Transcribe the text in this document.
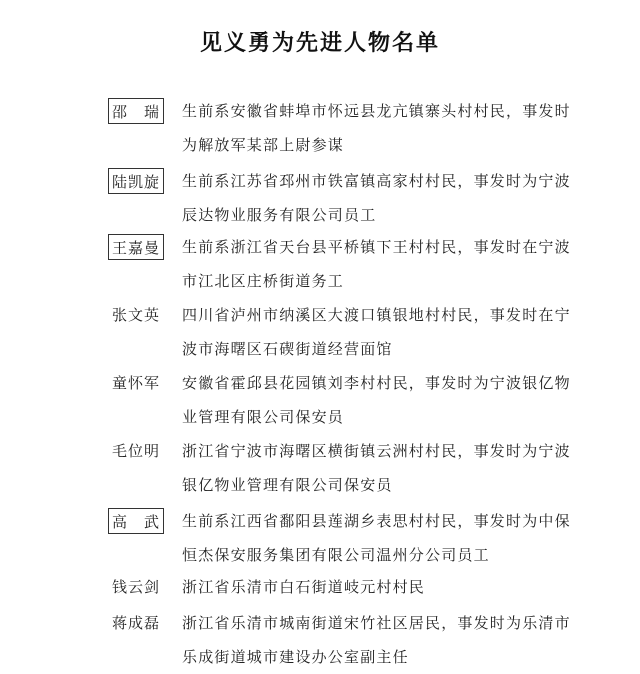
见义勇为先进人物名单
邵　瑞 生前系安徽省蚌埠市怀远县龙亢镇寨头村村民，事发时为解放军某部上尉参谋
陆凯旋 生前系江苏省邳州市铁富镇高家村村民，事发时为宁波辰达物业服务有限公司员工
王嘉曼 生前系浙江省天台县平桥镇下王村村民，事发时在宁波市江北区庄桥街道务工
张文英 四川省泸州市纳溪区大渡口镇银地村村民，事发时在宁波市海曙区石碶街道经营面馆
童怀军 安徽省霍邱县花园镇刘李村村民，事发时为宁波银亿物业管理有限公司保安员
毛位明 浙江省宁波市海曙区横街镇云洲村村民，事发时为宁波银亿物业管理有限公司保安员
高　武 生前系江西省鄱阳县莲湖乡表思村村民，事发时为中保恒杰保安服务集团有限公司温州分公司员工
钱云剑 浙江省乐清市白石街道岐元村村民
蒋成磊 浙江省乐清市城南街道宋竹社区居民，事发时为乐清市乐成街道城市建设办公室副主任
